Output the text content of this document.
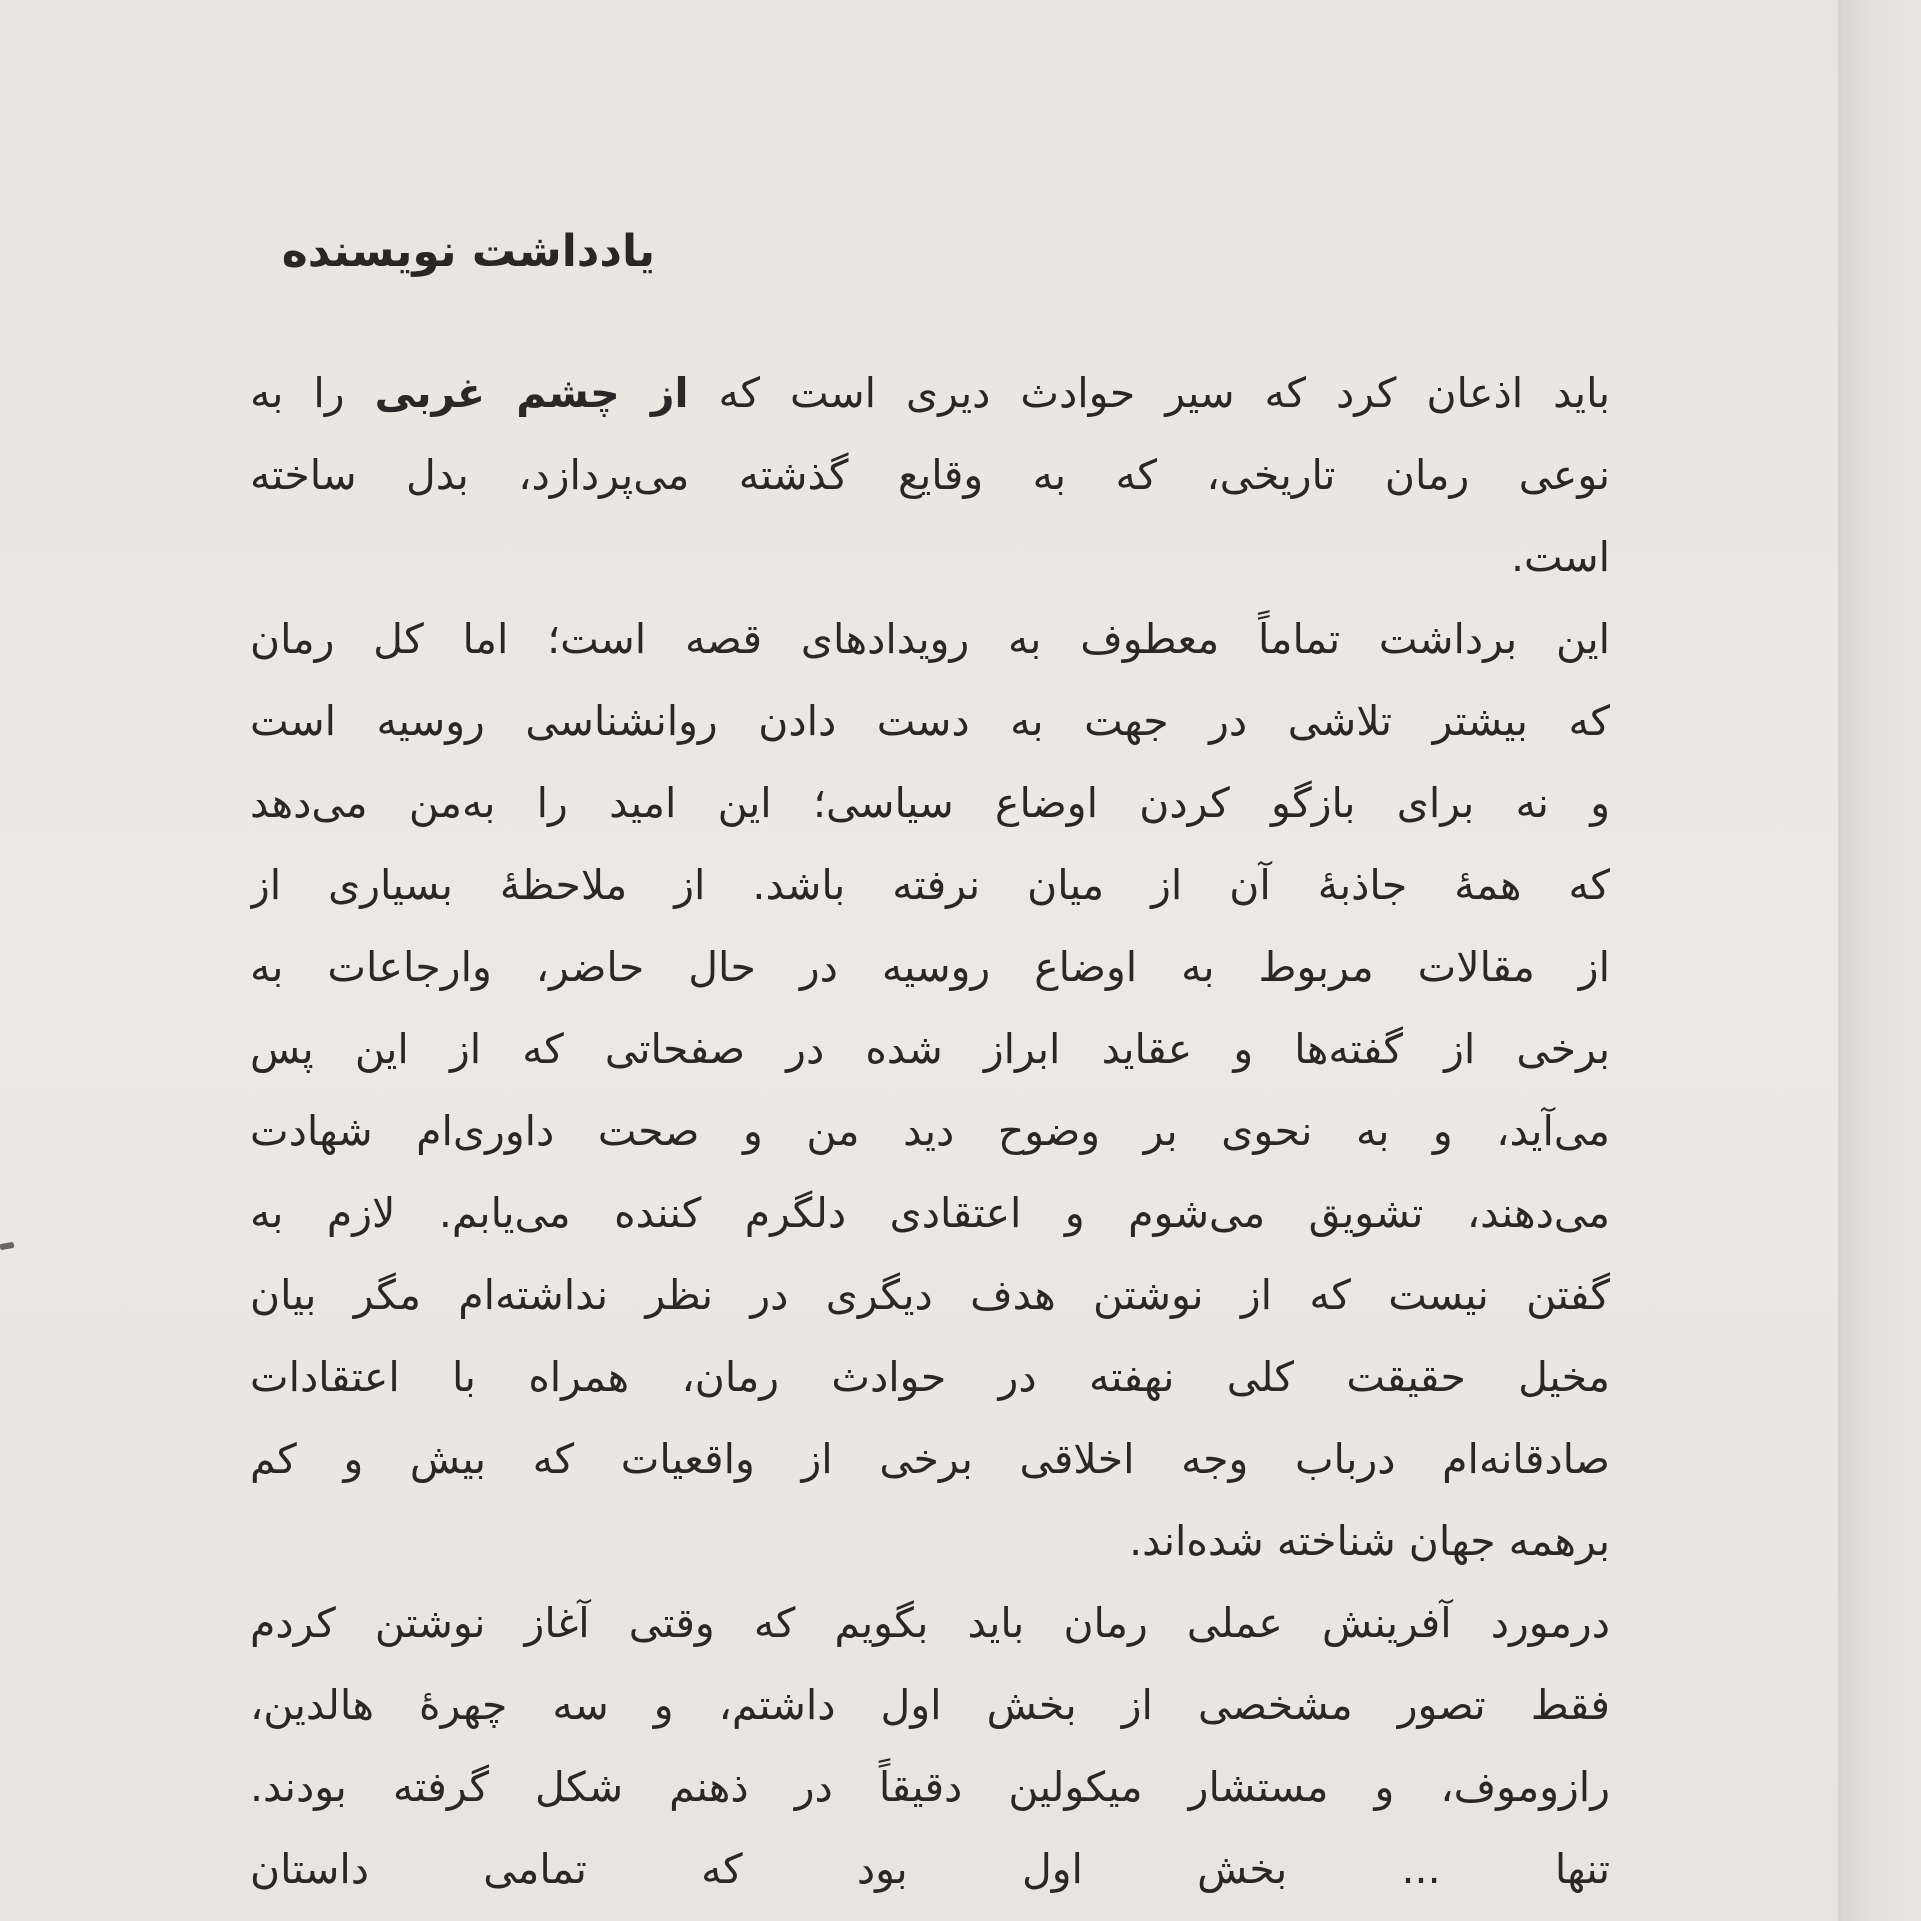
یادداشت نویسنده
باید اذعان کرد که سیر حوادث دیری است که از چشم غربی را به
نوعی رمان تاریخی، که به وقایع گذشته می‌پردازد، بدل ساخته
است.
این برداشت تماماً معطوف به رویدادهای قصه است؛ اما کل رمان
که بیشتر تلاشی در جهت به دست دادن روانشناسی روسیه است
و نه برای بازگو کردن اوضاع سیاسی؛ این امید را به‌من می‌دهد
که همهٔ جاذبهٔ آن از میان نرفته باشد. از ملاحظهٔ بسیاری از
از مقالات مربوط به اوضاع روسیه در حال حاضر، وارجاعات به
برخی از گفته‌ها و عقاید ابراز شده در صفحاتی که از این پس
می‌آید، و به نحوی بر وضوح دید من و صحت داوری‌ام شهادت
می‌دهند، تشویق می‌شوم و اعتقادی دلگرم کننده می‌یابم. لازم به
گفتن نیست که از نوشتن هدف دیگری در نظر نداشته‌ام مگر بیان
مخیل حقیقت کلی نهفته در حوادث رمان، همراه با اعتقادات
صادقانه‌ام درباب وجه اخلاقی برخی از واقعیات که بیش و کم
برهمه جهان شناخته شده‌اند.
درمورد آفرینش عملی رمان باید بگویم که وقتی آغاز نوشتن کردم
فقط تصور مشخصی از بخش اول داشتم، و سه چهرهٔ هالدین،
رازوموف، و مستشار میکولین دقیقاً در ذهنم شکل گرفته بودند.
تنها ... بخش اول بود که تمامی داستان
